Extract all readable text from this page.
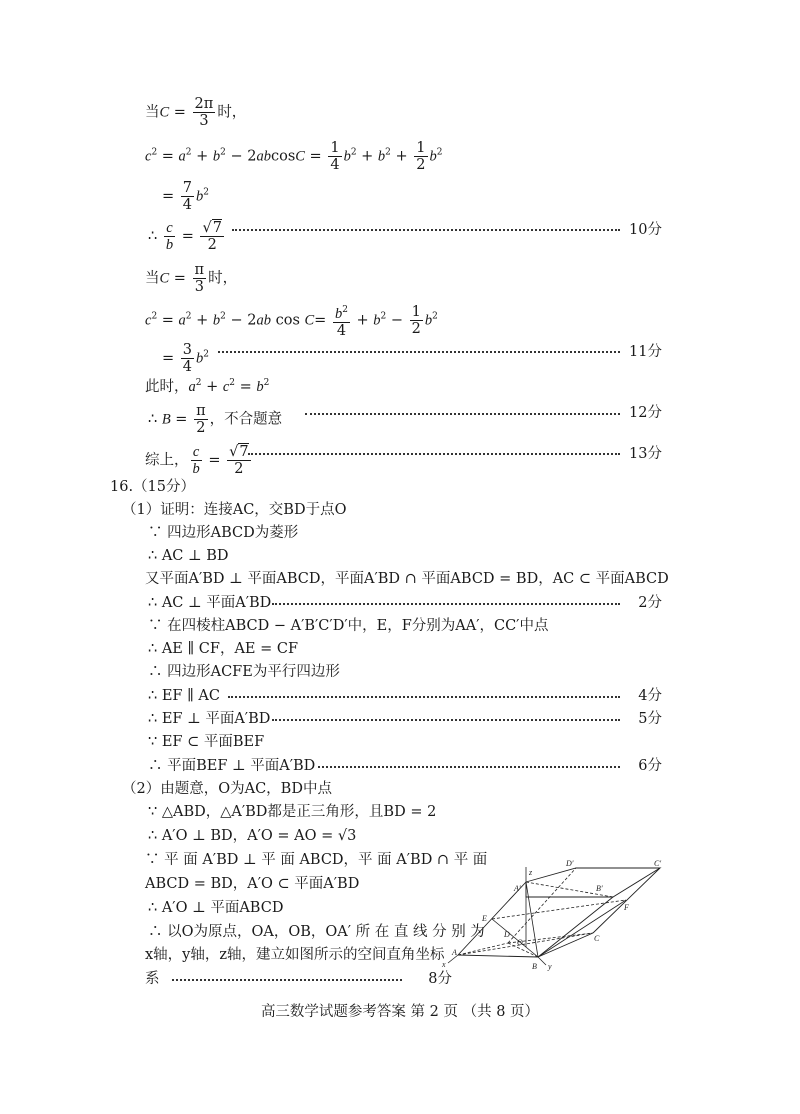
当$C = \frac{2\pi}{3}$ 时，
$c^2 = a^2 + b^2 - 2abcosC = \frac{1}{4} b^2 + b^2 + \frac{1}{2} b^2$
= $\frac{7}{4} b^2$
∴ $\frac{c}{b} = \frac{√7}{2}$	10分
当$C = \frac{\pi}{3}$ 时，
$c^2 = a^2 + b^2 - 2ab$ $\cos C= \frac{b^2}{4} + b^2 - \frac{1}{2} b^2$
= $\frac{3}{4} b^2$	11分
此时，$a^2 + c^2 = b^2$
∴ $B = \frac{\pi}{2}$ ，不合题意	12分
综上， $\frac{c}{b} = \frac{√7}{2}$	13分
16.（15分）
（1）证明：连接AC，交BD于点O
∵ 四边形ABCD为菱形
∴ AC ⊥ BD
又平面A′BD ⊥ 平面ABCD，平面A′BD ∩ 平面ABCD = BD，AC ⊂ 平面ABCD
∴ AC ⊥ 平面A′BD	2分
∵ 在四棱柱ABCD − A′B′C′D′中，E，F分别为AA′，CC′中点
∴ AE ∥ CF，AE = CF
∴ 四边形ACFE为平行四边形
∴ EF ∥ AC	4分
∴ EF ⊥ 平面A′BD	5分
∵ EF ⊂ 平面BEF
∴ 平面BEF ⊥ 平面A′BD	6分
（2）由题意，O为AC，BD中点
∵ △ABD，△A′BD都是正三角形，且BD = 2
∴ A′O ⊥ BD，A′O = AO = √3
∵ 平 面 A′BD ⊥ 平 面 ABCD，平 面 A′BD ∩ 平 面
ABCD = BD，A′O ⊂ 平面A′BD
∴ A′O ⊥ 平面ABCD
∴ 以O为原点，OA，OB，OA′ 所 在 直 线 分 别 为
x轴，y轴，z轴，建立如图所示的空间直角坐标
系	8分
D′	C′
A′	B′
z
E
F
D
O	C
A
x	B y
高三数学试题参考答案 第 2 页 （共 8 页）
